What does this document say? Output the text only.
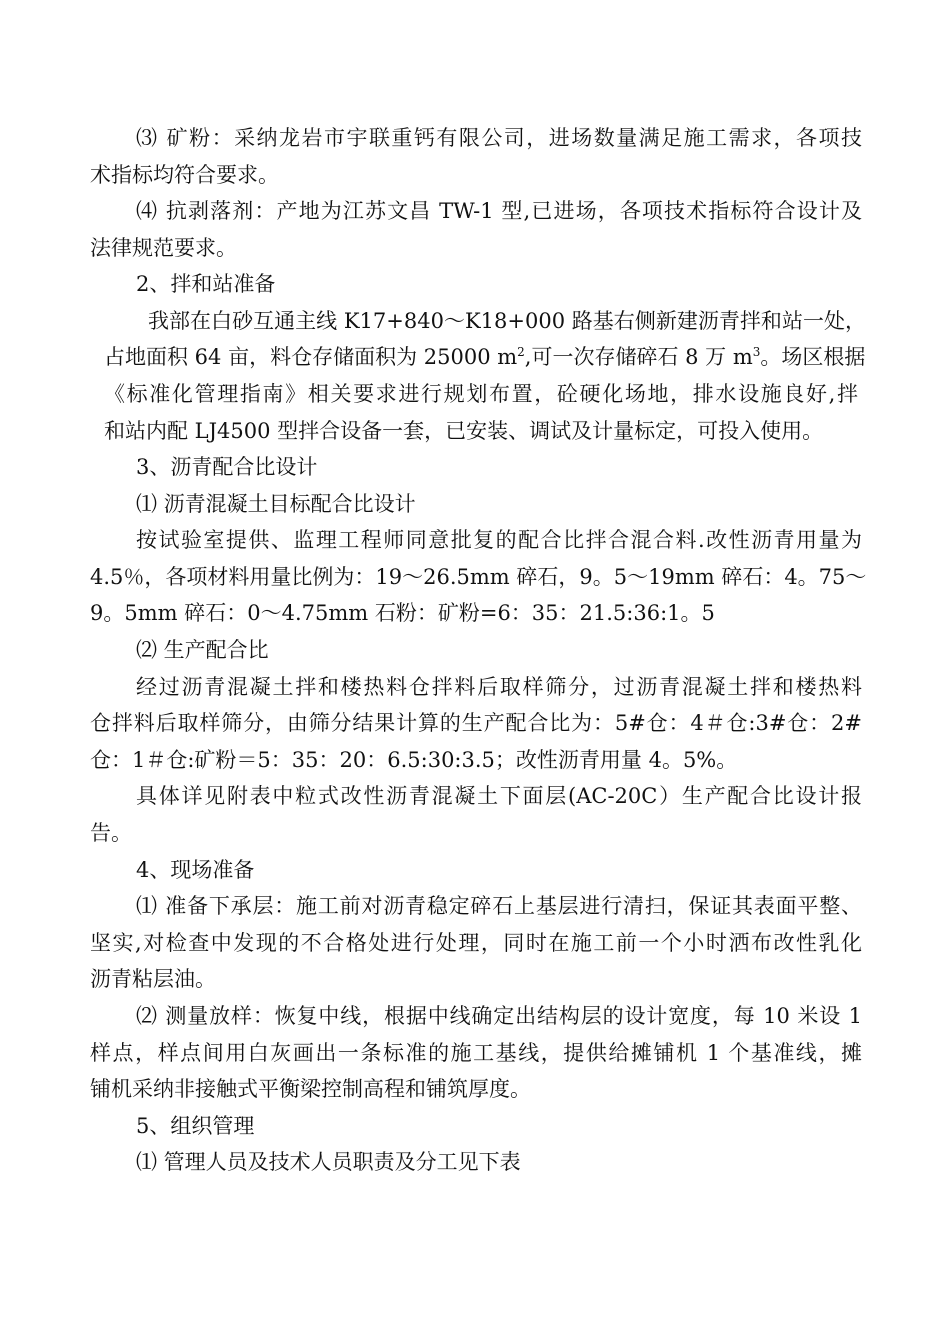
⑶ 矿粉：采纳龙岩市宇联重钙有限公司，进场数量满足施工需求，各项技
术指标均符合要求。
⑷ 抗剥落剂：产地为江苏文昌 TW-1 型,已进场，各项技术指标符合设计及
法律规范要求。
2、拌和站准备
我部在白砂互通主线 K17+840～K18+000 路基右侧新建沥青拌和站一处，
占地面积 64 亩，料仓存储面积为 25000 $m^2$,可一次存储碎石 8 万 $m^3$。场区根据
《标准化管理指南》相关要求进行规划布置，砼硬化场地，排水设施良好,拌
和站内配 LJ4500 型拌合设备一套，已安装、调试及计量标定，可投入使用。
3、沥青配合比设计
⑴ 沥青混凝土目标配合比设计
按试验室提供、监理工程师同意批复的配合比拌合混合料.改性沥青用量为
4.5％，各项材料用量比例为：19～26.5mm 碎石，9。5～19mm 碎石：4。75～
9。5mm 碎石：0～4.75mm 石粉：矿粉=6：35：21.5:36:1。5
⑵ 生产配合比
经过沥青混凝土拌和楼热料仓拌料后取样筛分，过沥青混凝土拌和楼热料
仓拌料后取样筛分，由筛分结果计算的生产配合比为：5#仓：4＃仓:3#仓：2#
仓：1＃仓:矿粉＝5：35：20：6.5:30:3.5；改性沥青用量 4。5%。
具体详见附表中粒式改性沥青混凝土下面层(AC-20C）生产配合比设计报
告。
4、现场准备
⑴ 准备下承层：施工前对沥青稳定碎石上基层进行清扫，保证其表面平整、
坚实,对检查中发现的不合格处进行处理，同时在施工前一个小时洒布改性乳化
沥青粘层油。
⑵ 测量放样：恢复中线，根据中线确定出结构层的设计宽度，每 10 米设 1
样点，样点间用白灰画出一条标准的施工基线，提供给摊铺机 1 个基准线，摊
铺机采纳非接触式平衡梁控制高程和铺筑厚度。
5、组织管理
⑴ 管理人员及技术人员职责及分工见下表
